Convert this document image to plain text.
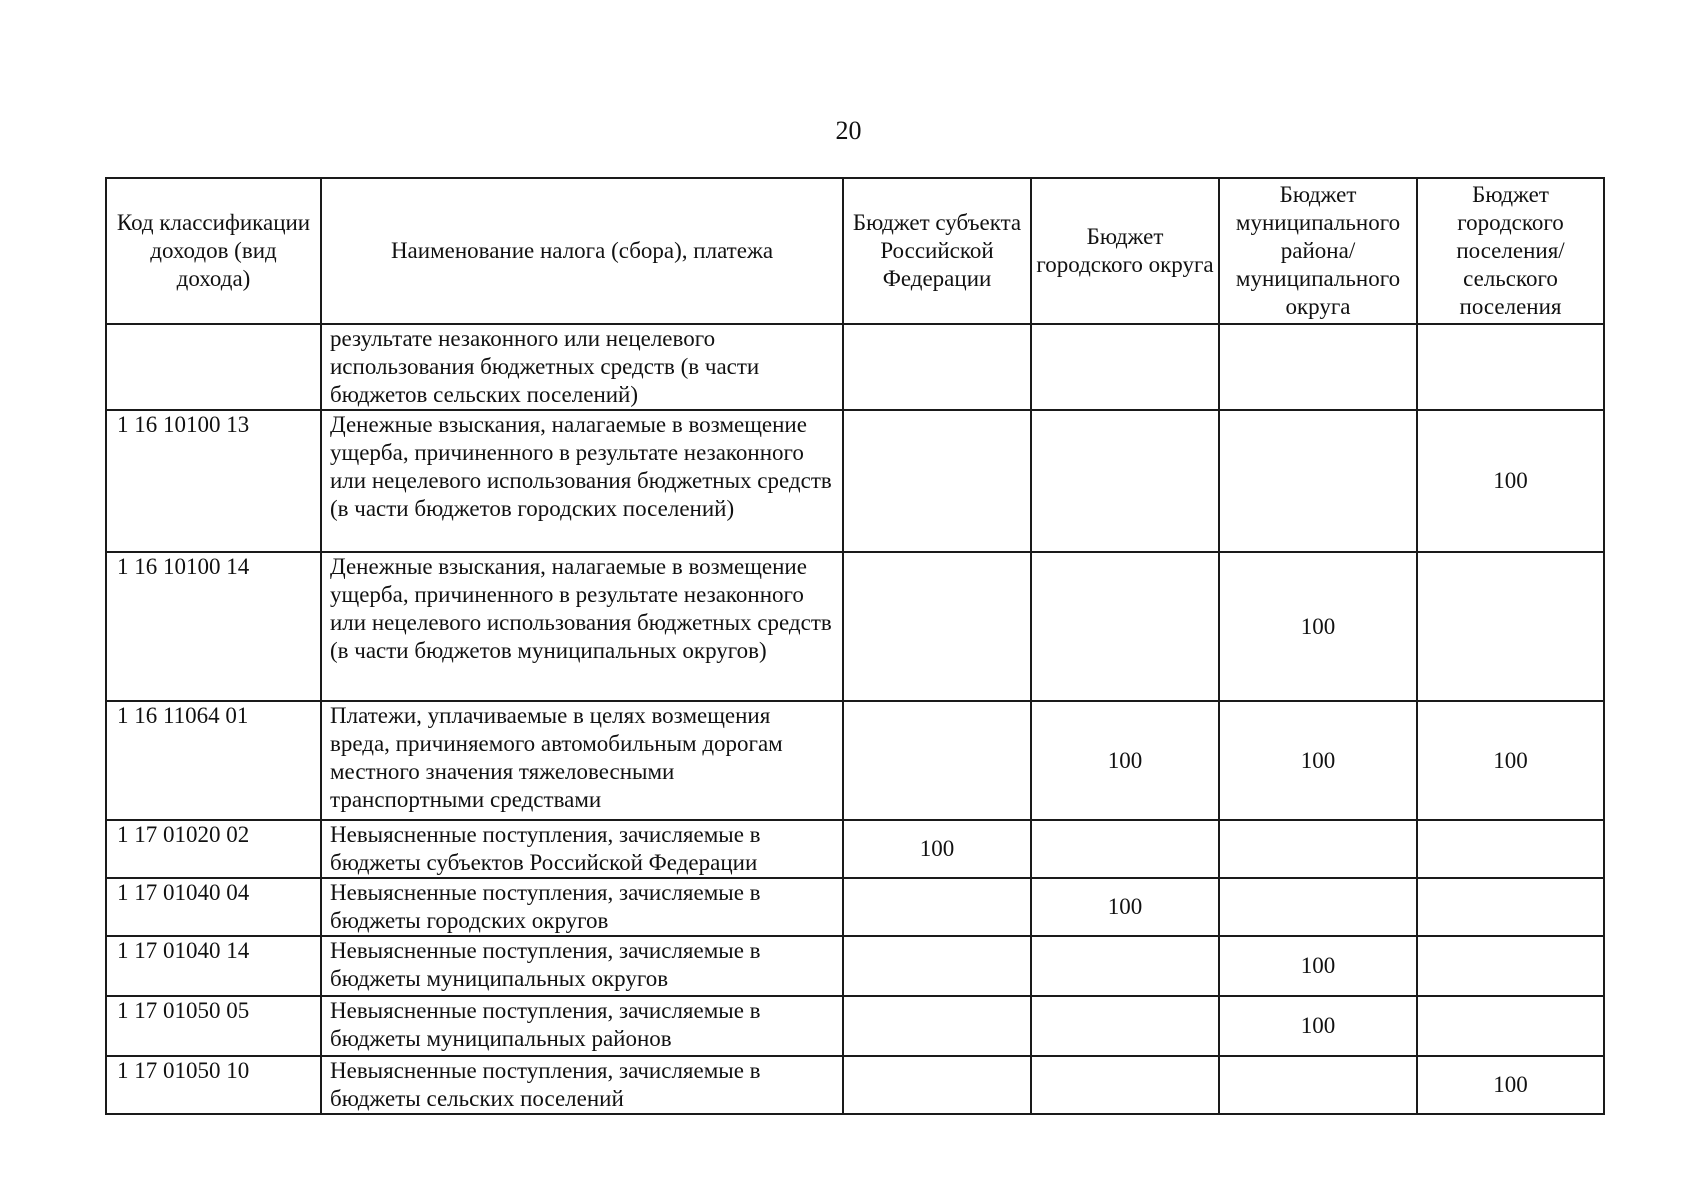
20
Код классификации доходов (вид дохода)	Наименование налога (сбора), платежа	Бюджет субъекта Российской Федерации	Бюджет городского округа	Бюджет муниципального района/ муниципального округа	Бюджет городского поселения/ сельского поселения
	результате незаконного или нецелевого использования бюджетных средств (в части бюджетов сельских поселений)				
1 16 10100 13	Денежные взыскания, налагаемые в возмещение ущерба, причиненного в результате незаконного или нецелевого использования бюджетных средств (в части бюджетов городских поселений)				100
1 16 10100 14	Денежные взыскания, налагаемые в возмещение ущерба, причиненного в результате незаконного или нецелевого использования бюджетных средств (в части бюджетов муниципальных округов)			100	
1 16 11064 01	Платежи, уплачиваемые в целях возмещения вреда, причиняемого автомобильным дорогам местного значения тяжеловесными транспортными средствами		100	100	100
1 17 01020 02	Невыясненные поступления, зачисляемые в бюджеты субъектов Российской Федерации	100			
1 17 01040 04	Невыясненные поступления, зачисляемые в бюджеты городских округов		100		
1 17 01040 14	Невыясненные поступления, зачисляемые в бюджеты муниципальных округов			100	
1 17 01050 05	Невыясненные поступления, зачисляемые в бюджеты муниципальных районов			100	
1 17 01050 10	Невыясненные поступления, зачисляемые в бюджеты сельских поселений				100
